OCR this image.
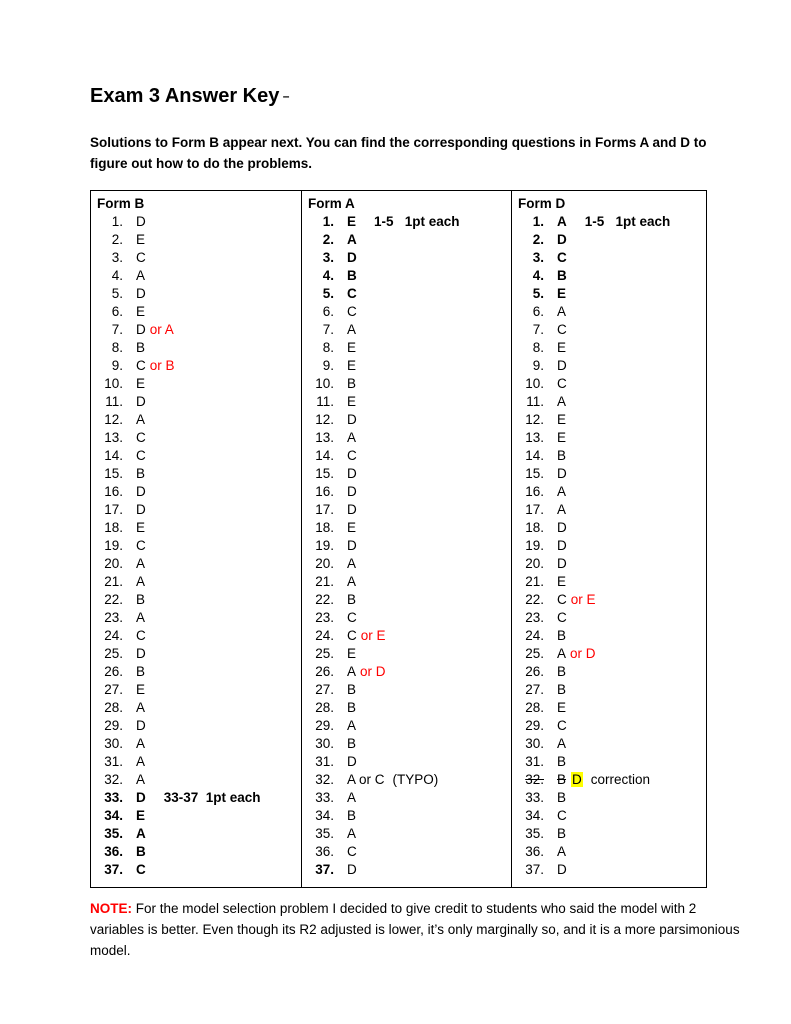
Exam 3 Answer Key –

Solutions to Form B appear next. You can find the corresponding questions in Forms A and D to figure out how to do the problems.

Form B
1. D
2. E
3. C
4. A
5. D
6. E
7. D or A
8. B
9. C or B
10. E
11. D
12. A
13. C
14. C
15. B
16. D
17. D
18. E
19. C
20. A
21. A
22. B
23. A
24. C
25. D
26. B
27. E
28. A
29. D
30. A
31. A
32. A
33. D 33-37  1pt each
34. E
35. A
36. B
37. C
Form A
1. E 1-5   1pt each
2. A
3. D
4. B
5. C
6. C
7. A
8. E
9. E
10. B
11. E
12. D
13. A
14. C
15. D
16. D
17. D
18. E
19. D
20. A
21. A
22. B
23. C
24. C or E
25. E
26. A or D
27. B
28. B
29. A
30. B
31. D
32. A or C (TYPO)
33. A
34. B
35. A
36. C
37. D
Form D
1. A 1-5   1pt each
2. D
3. C
4. B
5. E
6. A
7. C
8. E
9. D
10. C
11. A
12. E
13. E
14. B
15. D
16. A
17. A
18. D
19. D
20. D
21. E
22. C or E
23. C
24. B
25. A or D
26. B
27. B
28. E
29. C
30. A
31. B
32. B D correction
33. B
34. C
35. B
36. A
37. D

NOTE: For the model selection problem I decided to give credit to students who said the model with 2 variables is better. Even though its R2 adjusted is lower, it’s only marginally so, and it is a more parsimonious model.
